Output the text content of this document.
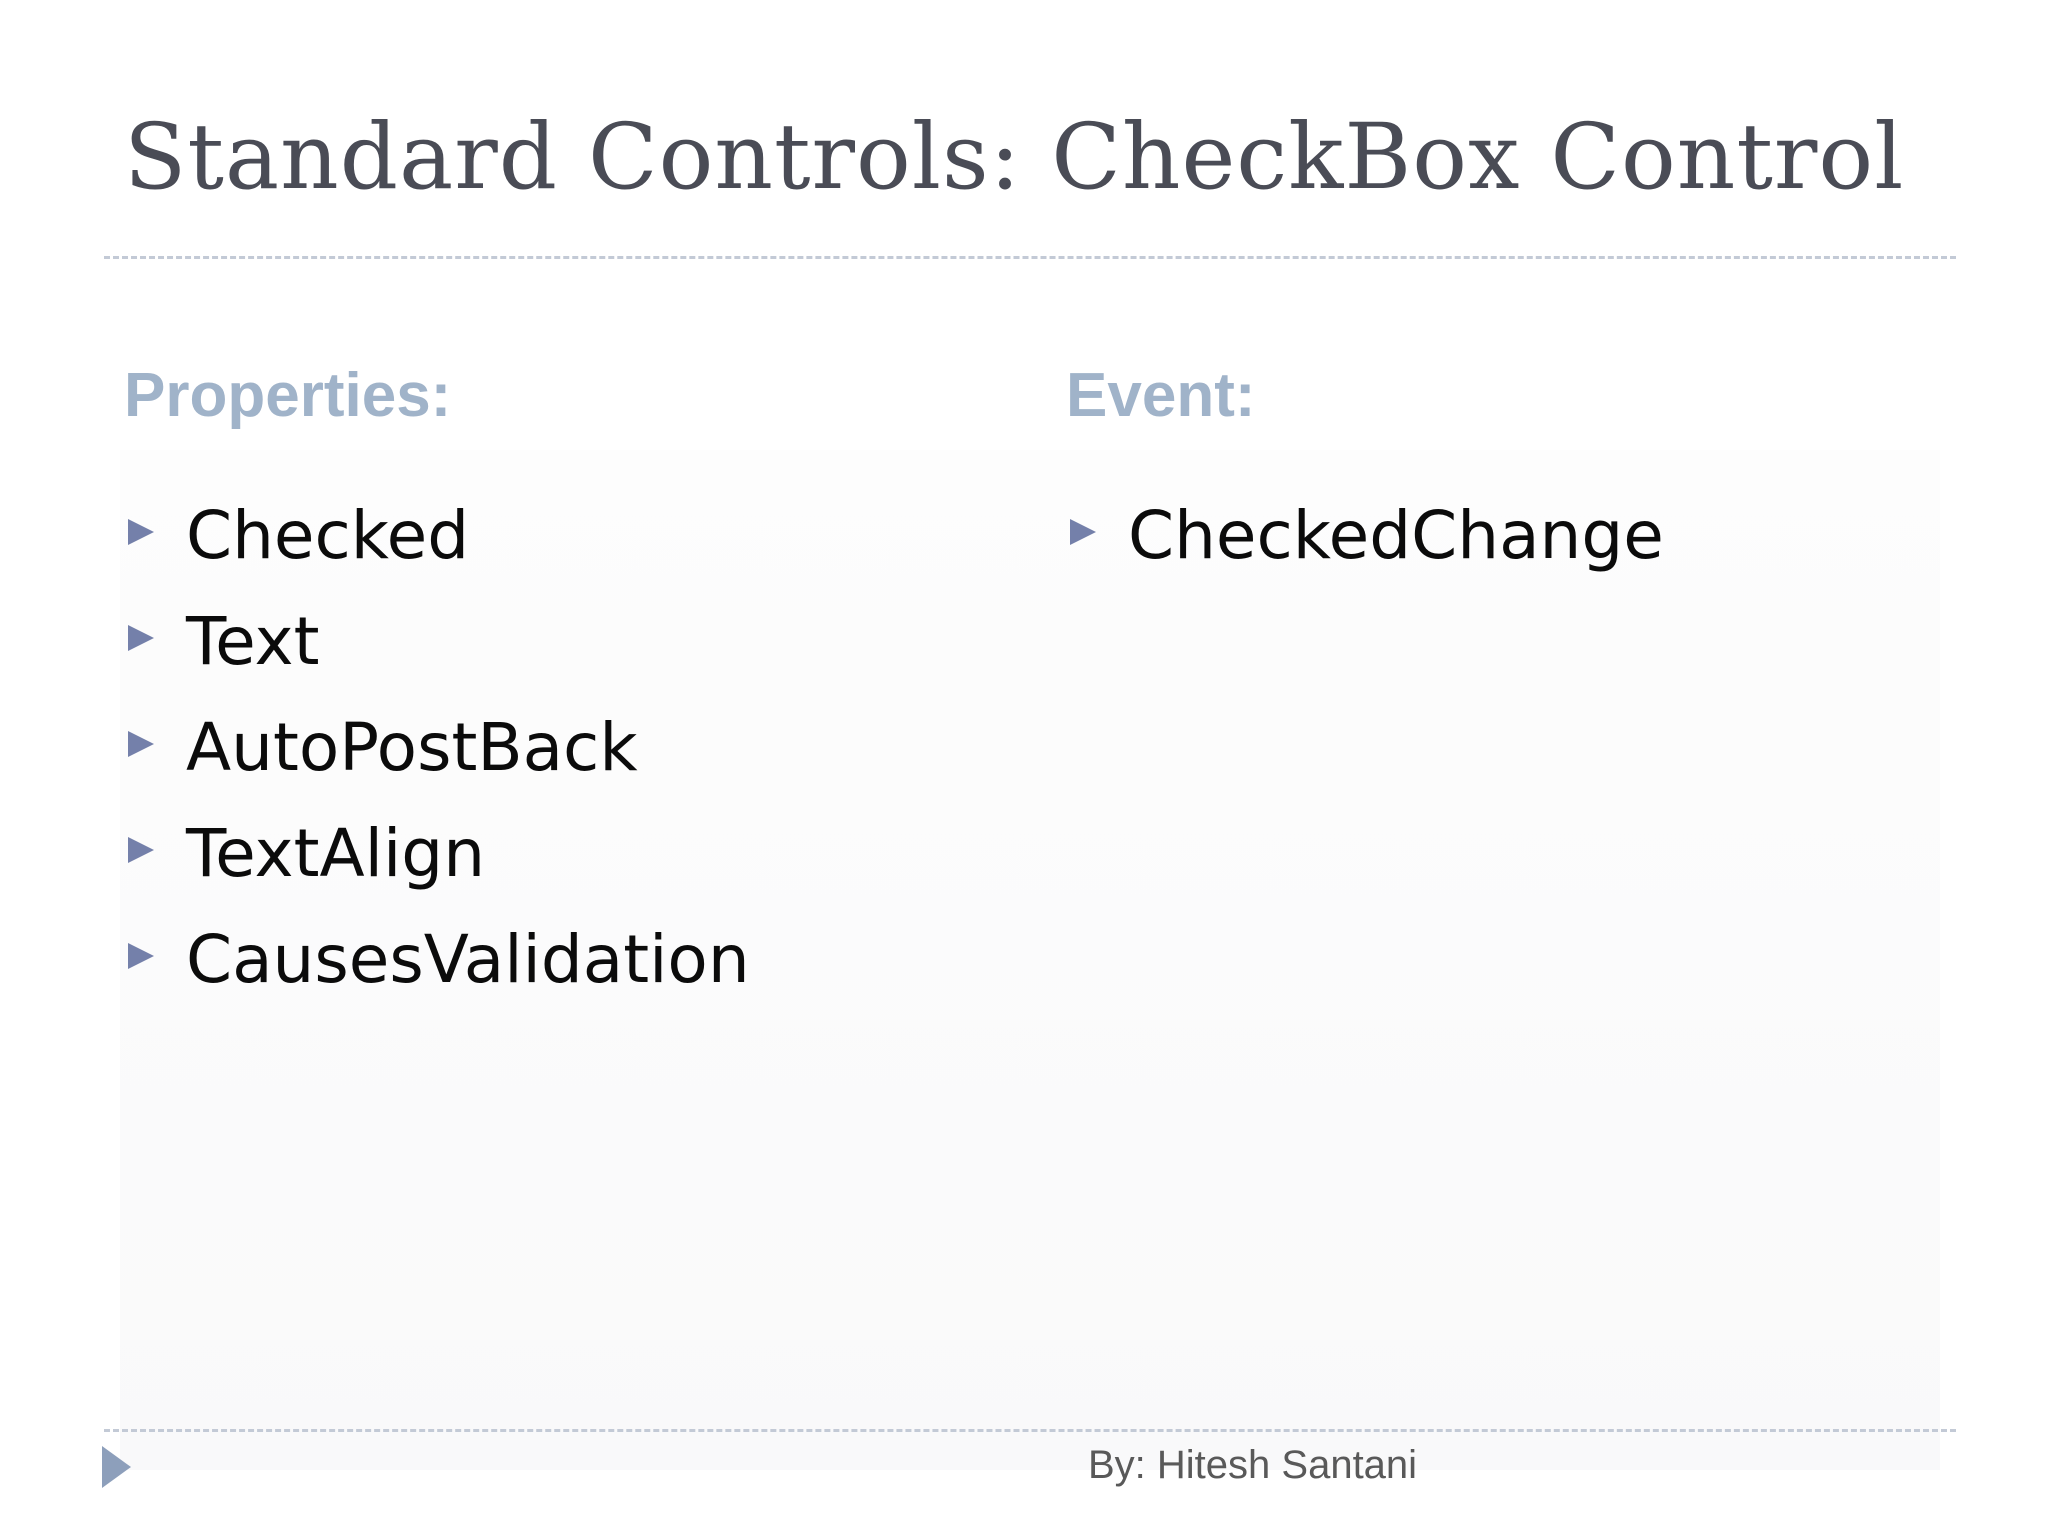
Standard Controls: CheckBox Control
Properties:
Checked
Text
AutoPostBack
TextAlign
CausesValidation
Event:
CheckedChange
By: Hitesh Santani
